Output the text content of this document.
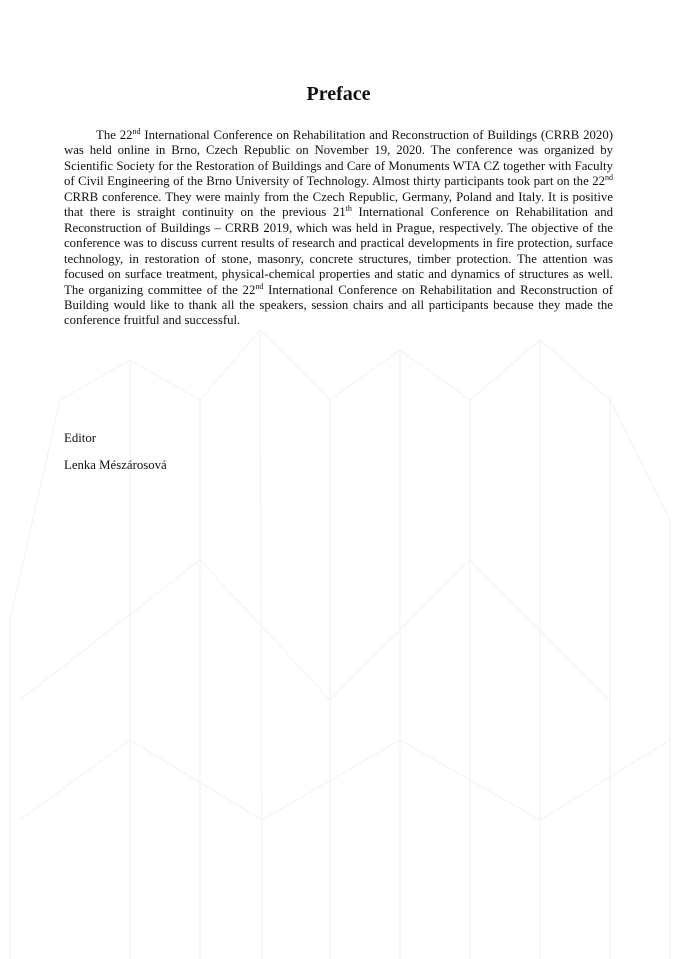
Preface

The 22nd International Conference on Rehabilitation and Reconstruction of Buildings (CRRB 2020) was held online in Brno, Czech Republic on November 19, 2020. The conference was organized by Scientific Society for the Restoration of Buildings and Care of Monuments WTA CZ together with Faculty of Civil Engineering of the Brno University of Technology. Almost thirty participants took part on the 22nd CRRB conference. They were mainly from the Czech Republic, Germany, Poland and Italy. It is positive that there is straight continuity on the previous 21th International Conference on Rehabilitation and Reconstruction of Buildings – CRRB 2019, which was held in Prague, respectively. The objective of the conference was to discuss current results of research and practical developments in fire protection, surface technology, in restoration of stone, masonry, concrete structures, timber protection. The attention was focused on surface treatment, physical-chemical properties and static and dynamics of structures as well. The organizing committee of the 22nd International Conference on Rehabilitation and Reconstruction of Building would like to thank all the speakers, session chairs and all participants because they made the conference fruitful and successful.

Editor

Lenka Mészárosová
